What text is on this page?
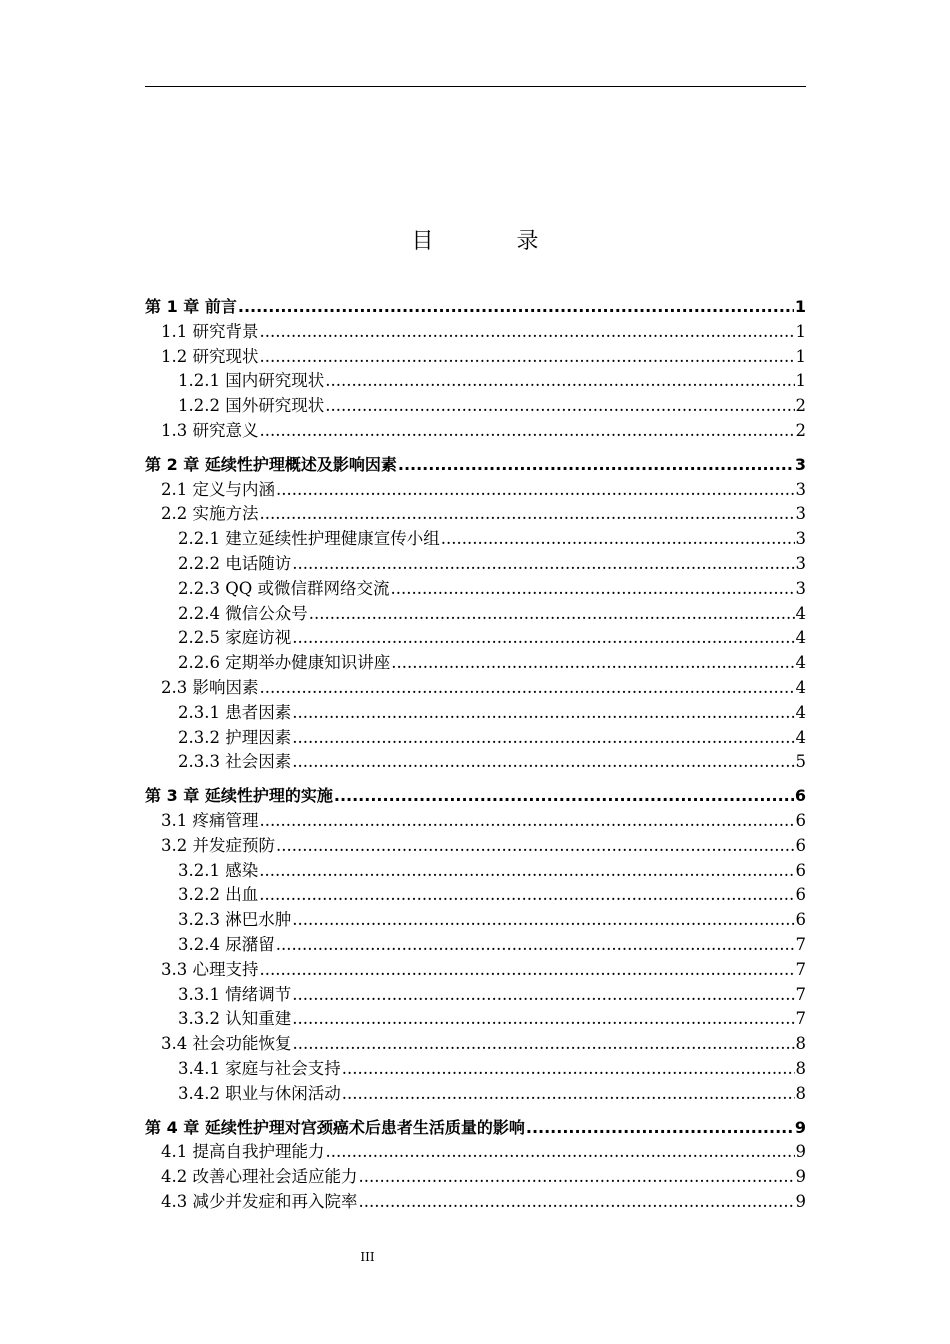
目 录
第 1 章 前言 .....	1
1.1 研究背景 .....	1
1.2 研究现状 .....	1
1.2.1 国内研究现状 .....	1
1.2.2 国外研究现状 .....	2
1.3 研究意义 .....	2
第 2 章 延续性护理概述及影响因素 .....	3
2.1 定义与内涵 .....	3
2.2 实施方法 .....	3
2.2.1 建立延续性护理健康宣传小组 .....	3
2.2.2 电话随访 .....	3
2.2.3 QQ 或微信群网络交流 .....	3
2.2.4 微信公众号 .....	4
2.2.5 家庭访视 .....	4
2.2.6 定期举办健康知识讲座 .....	4
2.3 影响因素 .....	4
2.3.1 患者因素 .....	4
2.3.2 护理因素 .....	4
2.3.3 社会因素 .....	5
第 3 章 延续性护理的实施 .....	6
3.1 疼痛管理 .....	6
3.2 并发症预防 .....	6
3.2.1 感染 .....	6
3.2.2 出血 .....	6
3.2.3 淋巴水肿 .....	6
3.2.4 尿潴留 .....	7
3.3 心理支持 .....	7
3.3.1 情绪调节 .....	7
3.3.2 认知重建 .....	7
3.4 社会功能恢复 .....	8
3.4.1 家庭与社会支持 .....	8
3.4.2 职业与休闲活动 .....	8
第 4 章 延续性护理对宫颈癌术后患者生活质量的影响 .....	9
4.1 提高自我护理能力 .....	9
4.2 改善心理社会适应能力 .....	9
4.3 减少并发症和再入院率 .....	9
III
